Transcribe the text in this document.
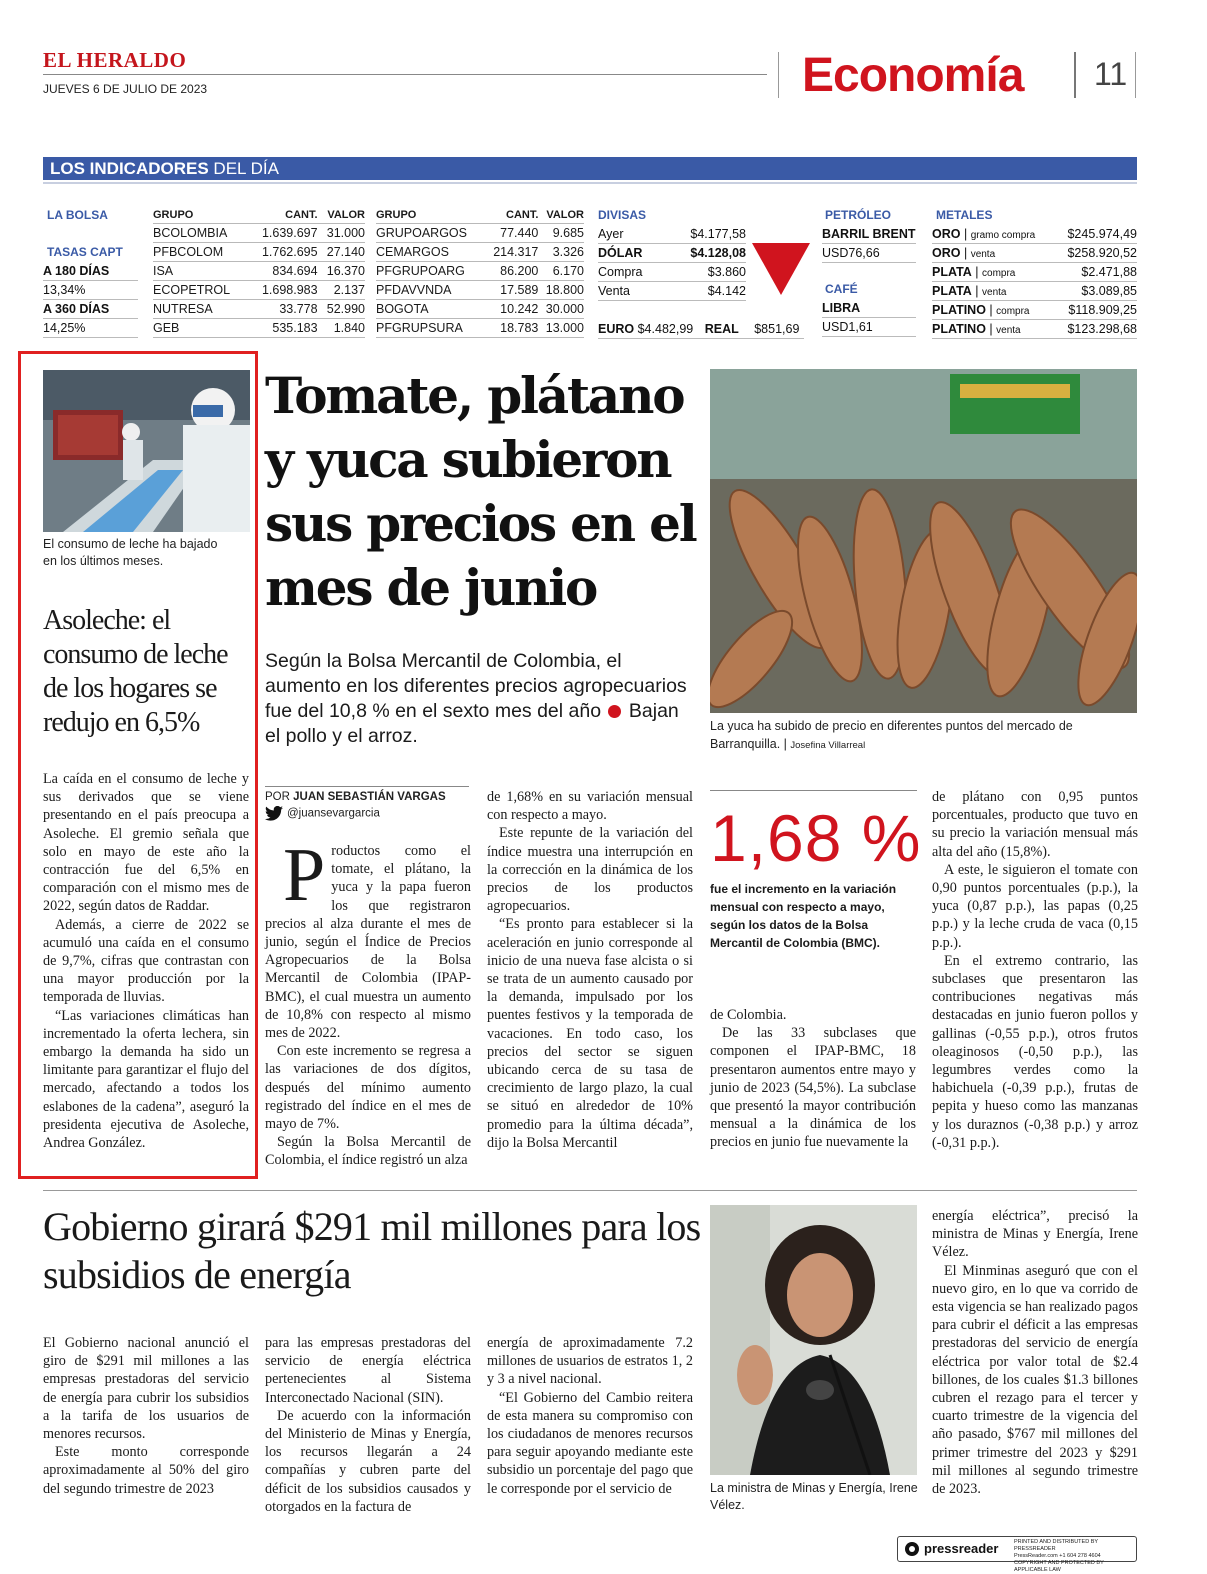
EL HERALDO
JUEVES 6 DE JULIO DE 2023	Economía 11
LOS INDICADORES DEL DÍA
LA BOLSA
TASAS CAPT
A 180 DÍAS
13,34%
A 360 DÍAS
14,25%
GRUPO	CANT.	VALOR
BCOLOMBIA	1.639.697	31.000
PFBCOLOM	1.762.695	27.140
ISA	834.694	16.370
ECOPETROL	1.698.983	2.137
NUTRESA	33.778	52.990
GEB	535.183	1.840
GRUPO	CANT.	VALOR
GRUPOARGOS	77.440	9.685
CEMARGOS	214.317	3.326
PFGRUPOARG	86.200	6.170
PFDAVVNDA	17.589	18.800
BOGOTA	10.242	30.000
PFGRUPSURA	18.783	13.000
DIVISAS
Ayer	$4.177,58
DÓLAR	$4.128,08
Compra	$3.860
Venta	$4.142
EURO $4.482,99 REAL $851,69
PETRÓLEO
BARRIL BRENT
USD76,66
CAFÉ
LIBRA
USD1,61
METALES
ORO | gramo compra	$245.974,49
ORO | venta	$258.920,52
PLATA | compra	$2.471,88
PLATA | venta	$3.089,85
PLATINO | compra	$118.909,25
PLATINO | venta	$123.298,68
El consumo de leche ha bajado
en los últimos meses.
Asoleche: el consumo de leche de los hogares se redujo en 6,5%

La caída en el consumo de leche y sus derivados que se viene presentando en el país preocupa a Asoleche. El gremio señala que solo en mayo de este año la contracción fue del 6,5% en comparación con el mismo mes de 2022, según datos de Raddar.

Además, a cierre de 2022 se acumuló una caída en el consumo de 9,7%, cifras que contrastan con una mayor producción por la temporada de lluvias.

“Las variaciones climáticas han incrementado la oferta lechera, sin embargo la demanda ha sido un limitante para garantizar el flujo del mercado, afectando a todos los eslabones de la cadena”, aseguró la presidenta ejecutiva de Asoleche, Andrea González.

Tomate, plátano y yuca subieron sus precios en el mes de junio
Según la Bolsa Mercantil de Colombia, el aumento en los diferentes precios agropecuarios fue del 10,8 % en el sexto mes del año Bajan el pollo y el arroz.	La yuca ha subido de precio en diferentes puntos del mercado de Barranquilla. | Josefina Villarreal
POR JUAN SEBASTIÁN VARGAS
@juansevargarcia

Productos como el tomate, el plátano, la yuca y la papa fueron los que registraron precios al alza durante el mes de junio, según el Índice de Precios Agropecuarios de la Bolsa Mercantil de Colombia (IPAP-BMC), el cual muestra un aumento de 10,8% con respecto al mismo mes de 2022.

Con este incremento se regresa a las variaciones de dos dígitos, después del mínimo aumento registrado del índice en el mes de mayo de 7%.

Según la Bolsa Mercantil de Colombia, el índice registró un alza

de 1,68% en su variación mensual con respecto a mayo.

Este repunte de la variación del índice muestra una interrupción en la corrección en la dinámica de los precios de los productos agropecuarios.

“Es pronto para establecer si la aceleración en junio corresponde al inicio de una nueva fase alcista o si se trata de un aumento causado por la demanda, impulsado por los puentes festivos y la temporada de vacaciones. En todo caso, los precios del sector se siguen ubicando cerca de su tasa de crecimiento de largo plazo, la cual se situó en alrededor de 10% promedio para la última década”, dijo la Bolsa Mercantil

1,68 %
fue el incremento en la variación mensual con respecto a mayo, según los datos de la Bolsa Mercantil de Colombia (BMC).

de Colombia.

De las 33 subclases que componen el IPAP-BMC, 18 presentaron aumentos entre mayo y junio de 2023 (54,5%). La subclase que presentó la mayor contribución mensual a la dinámica de los precios en junio fue nuevamente la

de plátano con 0,95 puntos porcentuales, producto que tuvo en su precio la variación mensual más alta del año (15,8%).

A este, le siguieron el tomate con 0,90 puntos porcentuales (p.p.), la yuca (0,87 p.p.), las papas (0,25 p.p.) y la leche cruda de vaca (0,15 p.p.).

En el extremo contrario, las subclases que presentaron las contribuciones negativas más destacadas en junio fueron pollos y gallinas (-0,55 p.p.), otros frutos oleaginosos (-0,50 p.p.), las legumbres verdes como la habichuela (-0,39 p.p.), frutas de pepita y hueso como las manzanas y los duraznos (-0,38 p.p.) y arroz (-0,31 p.p.).

Gobierno girará $291 mil millones para los subsidios de energía

El Gobierno nacional anunció el giro de $291 mil millones a las empresas prestadoras del servicio de energía para cubrir los subsidios a la tarifa de los usuarios de menores recursos.

Este monto corresponde aproximadamente al 50% del giro del segundo trimestre de 2023

para las empresas prestadoras del servicio de energía eléctrica pertenecientes al Sistema Interconectado Nacional (SIN).

De acuerdo con la información del Ministerio de Minas y Energía, los recursos llegarán a 24 compañías y cubren parte del déficit de los subsidios causados y otorgados en la factura de

energía de aproximadamente 7.2 millones de usuarios de estratos 1, 2 y 3 a nivel nacional.

“El Gobierno del Cambio reitera de esta manera su compromiso con los ciudadanos de menores recursos para seguir apoyando mediante este subsidio un porcentaje del pago que le corresponde por el servicio de	La ministra de Minas y Energía, Irene Vélez.

energía eléctrica”, precisó la ministra de Minas y Energía, Irene Vélez.

El Minminas aseguró que con el nuevo giro, en lo que va corrido de esta vigencia se han realizado pagos para cubrir el déficit a las empresas prestadoras del servicio de energía eléctrica por valor total de $2.4 billones, de los cuales $1.3 billones cubren el rezago para el tercer y cuarto trimestre de la vigencia del año pasado, $767 mil millones del primer trimestre del 2023 y $291 mil millones al segundo trimestre de 2023.

pressreader	PRINTED AND DISTRIBUTED BY PRESSREADER
PressReader.com +1 604 278 4604
COPYRIGHT AND PROTECTED BY APPLICABLE LAW
